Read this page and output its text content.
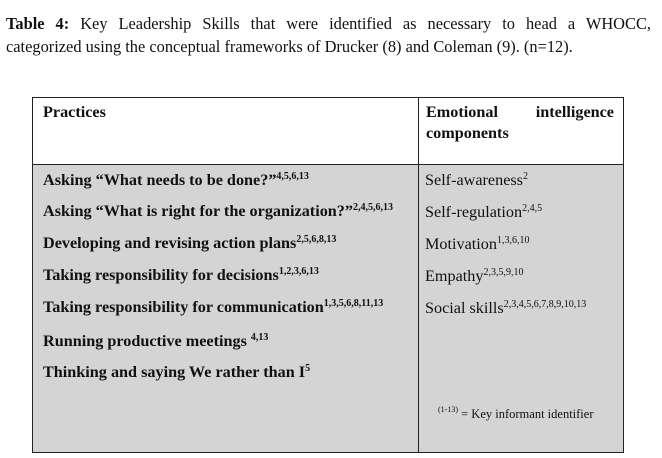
Table 4: Key Leadership Skills that were identified as necessary to head a WHOCC,
categorized using the conceptual frameworks of Drucker (8) and Coleman (9). (n=12).
Practices	Emotional intelligence
components
Asking “What needs to be done?”$^{4,5,6,13}$
Asking “What is right for the organization?”$^{2,4,5,6,13}$
Developing and revising action plans$^{2,5,6,8,13}$
Taking responsibility for decisions$^{1,2,3,6,13}$
Taking responsibility for communication$^{1,3,5,6,8,11,13}$
Running productive meetings $^{4,13}$
Thinking and saying We rather than $I^5$
Self-awareness$^2$
Self-regulation$^{2,4,5}$
Motivation$^{1,3,6,10}$
Empathy$^{2,3,5,9,10}$
Social skills$^{2,3,4,5,6,7,8,9,10,13}$
$^{(1-13)}$ = Key informant identifier
